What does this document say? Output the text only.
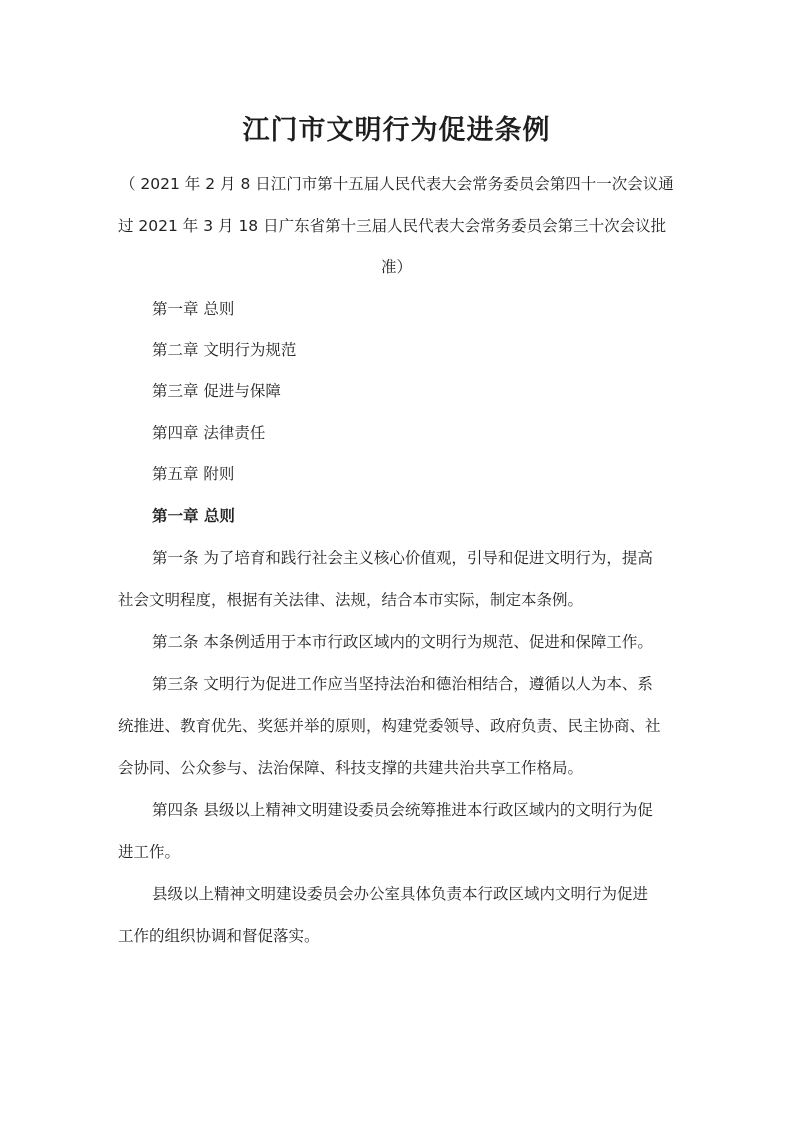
江门市文明行为促进条例
（ 2021 年 2 月 8 日江门市第十五届人民代表大会常务委员会第四十一次会议通
过 2021 年 3 月 18 日广东省第十三届人民代表大会常务委员会第三十次会议批
准）
第一章 总则
第二章 文明行为规范
第三章 促进与保障
第四章 法律责任
第五章 附则
第一章 总则
第一条 为了培育和践行社会主义核心价值观，引导和促进文明行为，提高
社会文明程度，根据有关法律、法规，结合本市实际，制定本条例。
第二条 本条例适用于本市行政区域内的文明行为规范、促进和保障工作。
第三条 文明行为促进工作应当坚持法治和德治相结合，遵循以人为本、系
统推进、教育优先、奖惩并举的原则，构建党委领导、政府负责、民主协商、社
会协同、公众参与、法治保障、科技支撑的共建共治共享工作格局。
第四条 县级以上精神文明建设委员会统筹推进本行政区域内的文明行为促
进工作。
县级以上精神文明建设委员会办公室具体负责本行政区域内文明行为促进
工作的组织协调和督促落实。
